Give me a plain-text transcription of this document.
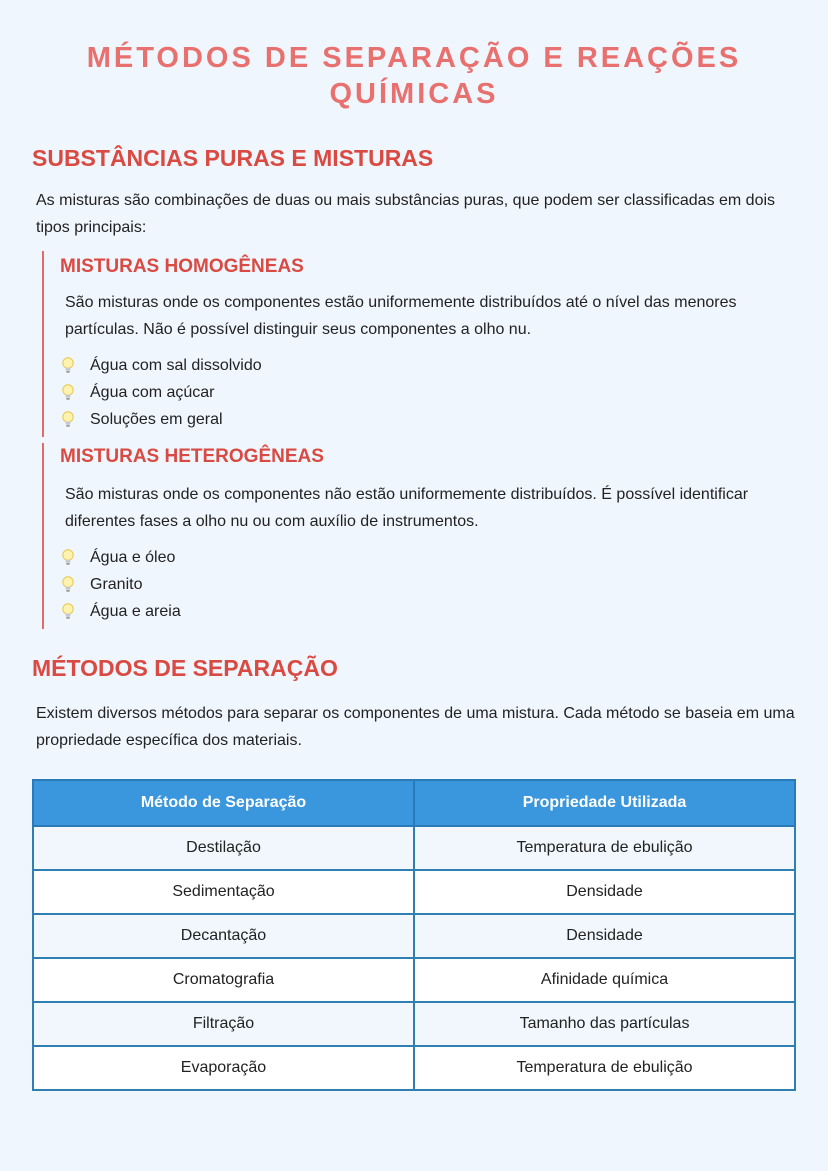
MÉTODOS DE SEPARAÇÃO E REAÇÕES QUÍMICAS
SUBSTÂNCIAS PURAS E MISTURAS
As misturas são combinações de duas ou mais substâncias puras, que podem ser classificadas em dois tipos principais:
MISTURAS HOMOGÊNEAS
São misturas onde os componentes estão uniformemente distribuídos até o nível das menores partículas. Não é possível distinguir seus componentes a olho nu.
Água com sal dissolvido
Água com açúcar
Soluções em geral
MISTURAS HETEROGÊNEAS
São misturas onde os componentes não estão uniformemente distribuídos. É possível identificar diferentes fases a olho nu ou com auxílio de instrumentos.
Água e óleo
Granito
Água e areia
MÉTODOS DE SEPARAÇÃO
Existem diversos métodos para separar os componentes de uma mistura. Cada método se baseia em uma propriedade específica dos materiais.
Método de Separação	Propriedade Utilizada
Destilação	Temperatura de ebulição
Sedimentação	Densidade
Decantação	Densidade
Cromatografia	Afinidade química
Filtração	Tamanho das partículas
Evaporação	Temperatura de ebulição
